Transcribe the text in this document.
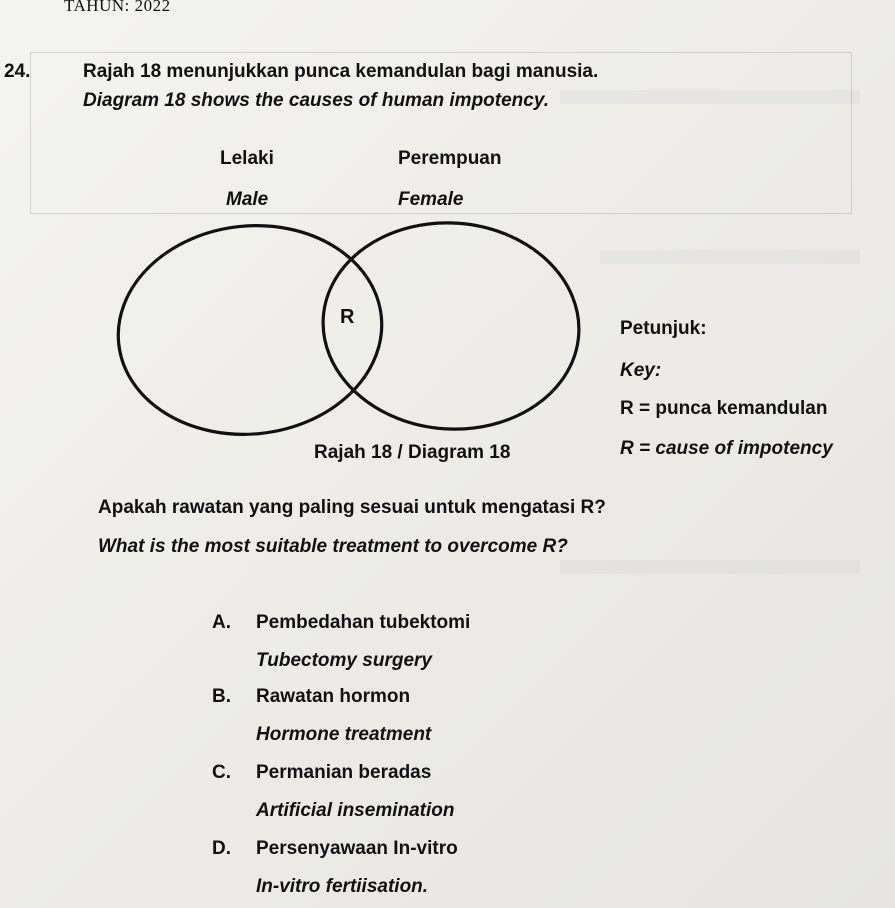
TAHUN: 2022
24.	Rajah 18 menunjukkan punca kemandulan bagi manusia.
Diagram 18 shows the causes of human impotency.
Lelaki	Perempuan
Male	Female
R
Petunjuk:
Key:
R = punca kemandulan
R = cause of impotency
Rajah 18 / Diagram 18
Apakah rawatan yang paling sesuai untuk mengatasi R?
What is the most suitable treatment to overcome R?
A. Pembedahan tubektomi
Tubectomy surgery
B. Rawatan hormon
Hormone treatment
C. Permanian beradas
Artificial insemination
D. Persenyawaan In-vitro
In-vitro fertiisation.
